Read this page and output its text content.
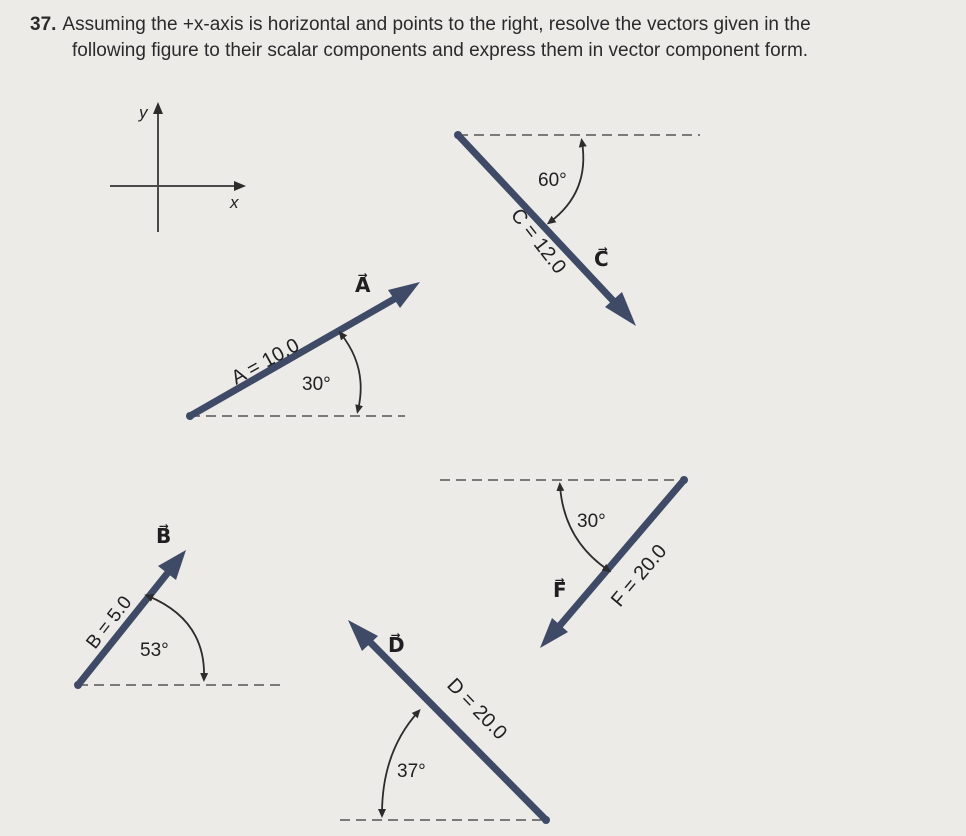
37. Assuming the +x-axis is horizontal and points to the right, resolve the vectors given in the
following figure to their scalar components and express them in vector component form.
y
x
30°
A = 10.0
A⃗
60°
C = 12.0 C⃗
53°
B = 5.0
B⃗
30°
F = 20.0
F⃗
37°
D = 20.0
D⃗
